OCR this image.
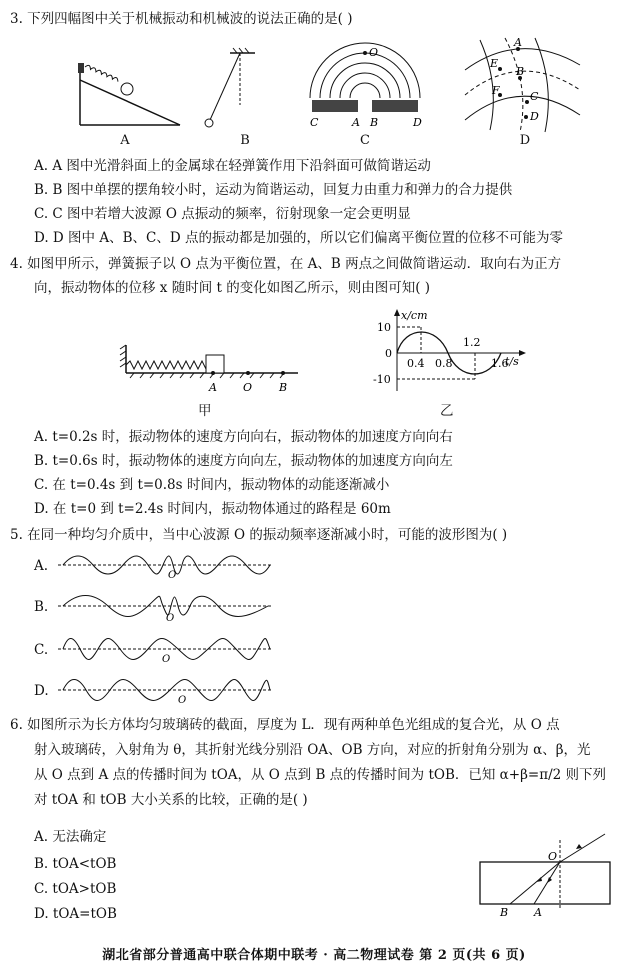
3. 下列四幅图中关于机械振动和机械波的说法正确的是( )
A	B
O
C	A B	D
C
A
E
B
F	C
D
D
A. A 图中光滑斜面上的金属球在轻弹簧作用下沿斜面可做简谐运动
B. B 图中单摆的摆角较小时，运动为简谐运动，回复力由重力和弹力的合力提供
C. C 图中若增大波源 O 点振动的频率，衍射现象一定会更明显
D. D 图中 A、B、C、D 点的振动都是加强的，所以它们偏离平衡位置的位移不可能为零
4. 如图甲所示，弹簧振子以 O 点为平衡位置，在 A、B 两点之间做简谐运动．取向右为正方
向，振动物体的位移 x 随时间 t 的变化如图乙所示，则由图可知( )
A O B
甲
x/cm
t/s
10
0
-10
0.4 0.8
1.2
1.6
乙
A. t=0.2s 时，振动物体的速度方向向右，振动物体的加速度方向向右
B. t=0.6s 时，振动物体的速度方向向左，振动物体的加速度方向向左
C. 在 t=0.4s 到 t=0.8s 时间内，振动物体的动能逐渐减小
D. 在 t=0 到 t=2.4s 时间内，振动物体通过的路程是 60m
5. 在同一种均匀介质中，当中心波源 O 的振动频率逐渐减小时，可能的波形图为( )
A.
O
B.
O
C.
O
D.
O
6. 如图所示为长方体均匀玻璃砖的截面，厚度为 L．现有两种单色光组成的复合光，从 O 点
射入玻璃砖，入射角为 θ，其折射光线分别沿 OA、OB 方向，对应的折射角分别为 α、β，光
从 O 点到 A 点的传播时间为 tOA，从 O 点到 B 点的传播时间为 tOB．已知 α+β=π/2 则下列
对 tOA 和 tOB 大小关系的比较，正确的是( )
A. 无法确定
B. tOA<tOB
C. tOA>tOB
D. tOA=tOB
O
B A
湖北省部分普通高中联合体期中联考 · 高二物理试卷 第 2 页(共 6 页)
